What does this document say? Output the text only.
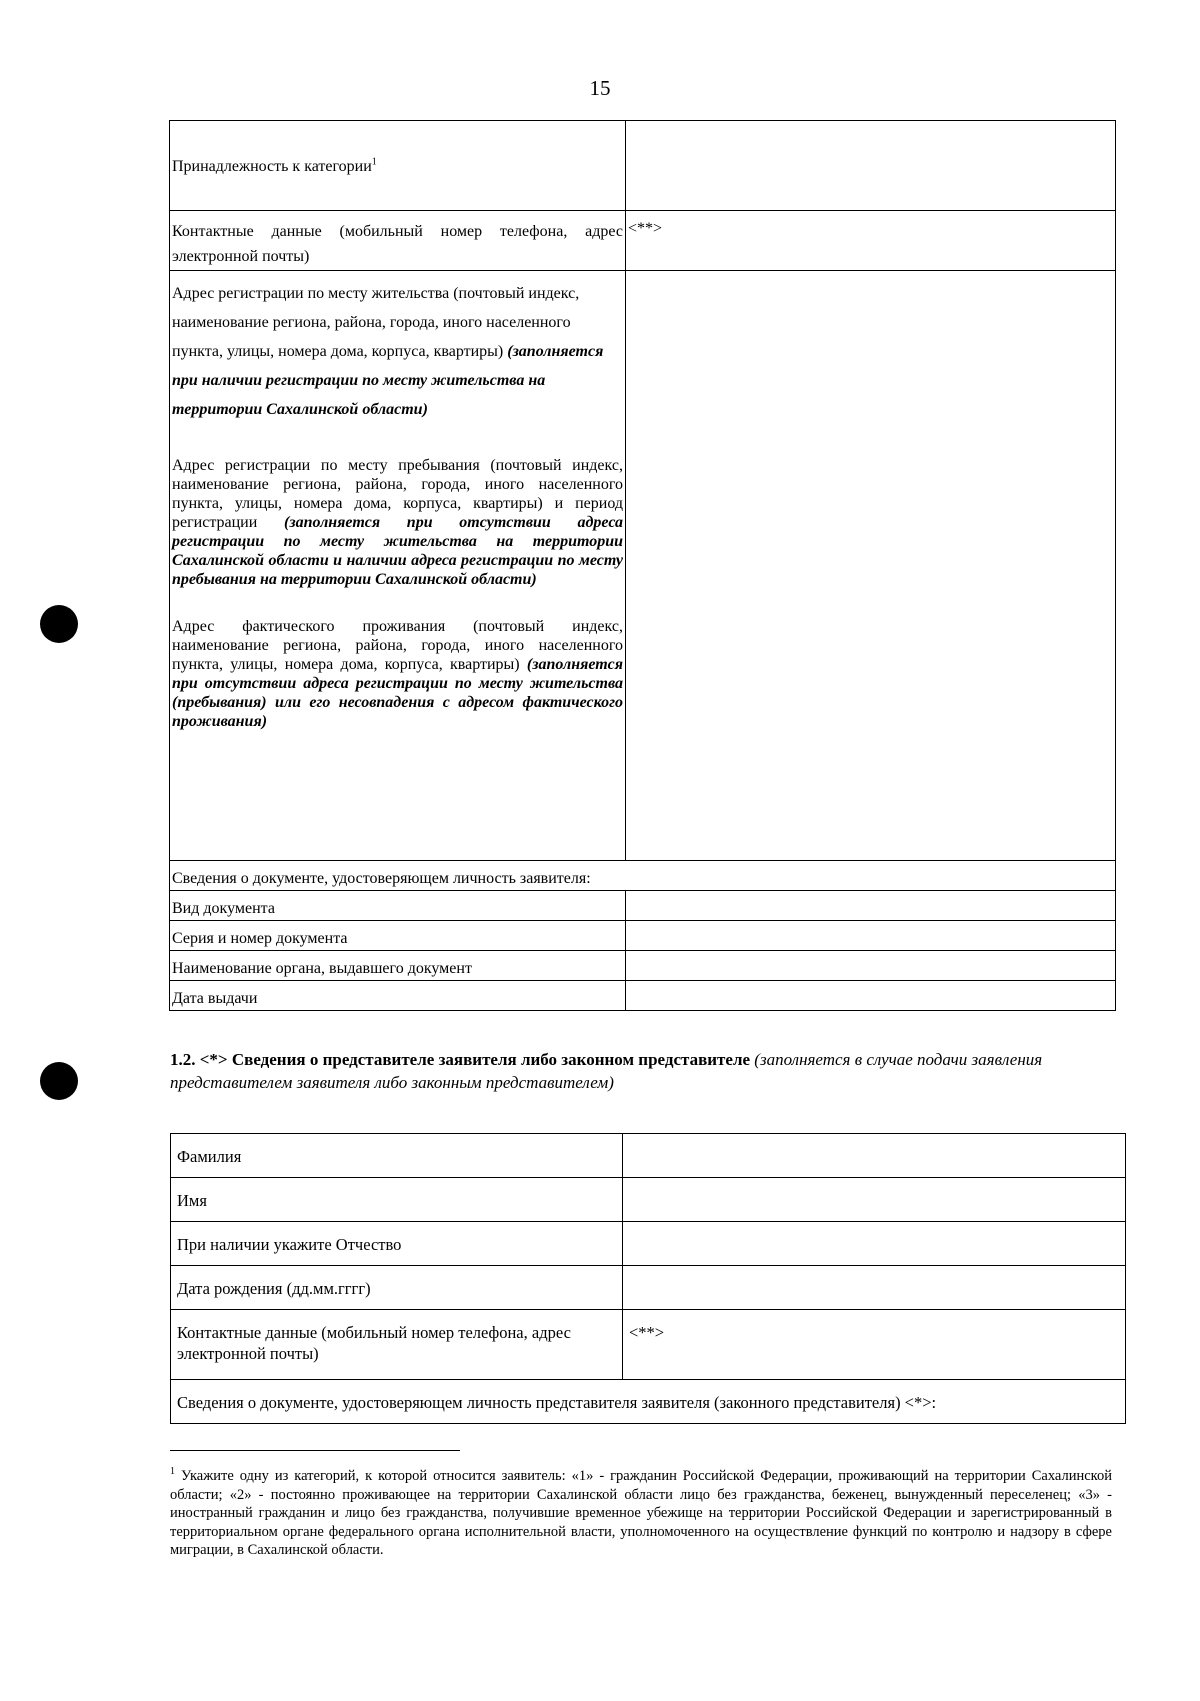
15
Принадлежность к категории$^1$	
Контактные данные (мобильный номер телефона, адрес электронной почты)	<**>

Адрес регистрации по месту жительства (почтовый индекс, наименование региона, района, города, иного населенного пункта, улицы, номера дома, корпуса, квартиры) (заполняется при наличии регистрации по месту жительства на территории Сахалинской области)

Адрес регистрации по месту пребывания (почтовый индекс, наименование региона, района, города, иного населенного пункта, улицы, номера дома, корпуса, квартиры) и период регистрации (заполняется при отсутствии адреса регистрации по месту жительства на территории Сахалинской области и наличии адреса регистрации по месту пребывания на территории Сахалинской области)

Адрес фактического проживания (почтовый индекс, наименование региона, района, города, иного населенного пункта, улицы, номера дома, корпуса, квартиры) (заполняется при отсутствии адреса регистрации по месту жительства (пребывания) или его несовпадения с адресом фактического проживания)	

Сведения о документе, удостоверяющем личность заявителя:	
Вид документа	
Серия и номер документа	
Наименование органа, выдавшего документ	
Дата выдачи	
1.2. <*> Сведения о представителе заявителя либо законном представителе (заполняется в случае подачи заявления представителем заявителя либо законным представителем)
Фамилия	
Имя	
При наличии укажите Отчество	
Дата рождения (дд.мм.гггг)	
Контактные данные (мобильный номер телефона, адрес электронной почты)	<**>
Сведения о документе, удостоверяющем личность представителя заявителя (законного представителя) <*>:	
$^1$ Укажите одну из категорий, к которой относится заявитель: «1» - гражданин Российской Федерации, проживающий на территории Сахалинской области; «2» - постоянно проживающее на территории Сахалинской области лицо без гражданства, беженец, вынужденный переселенец; «3» - иностранный гражданин и лицо без гражданства, получившие временное убежище на территории Российской Федерации и зарегистрированный в территориальном органе федерального органа исполнительной власти, уполномоченного на осуществление функций по контролю и надзору в сфере миграции, в Сахалинской области.
